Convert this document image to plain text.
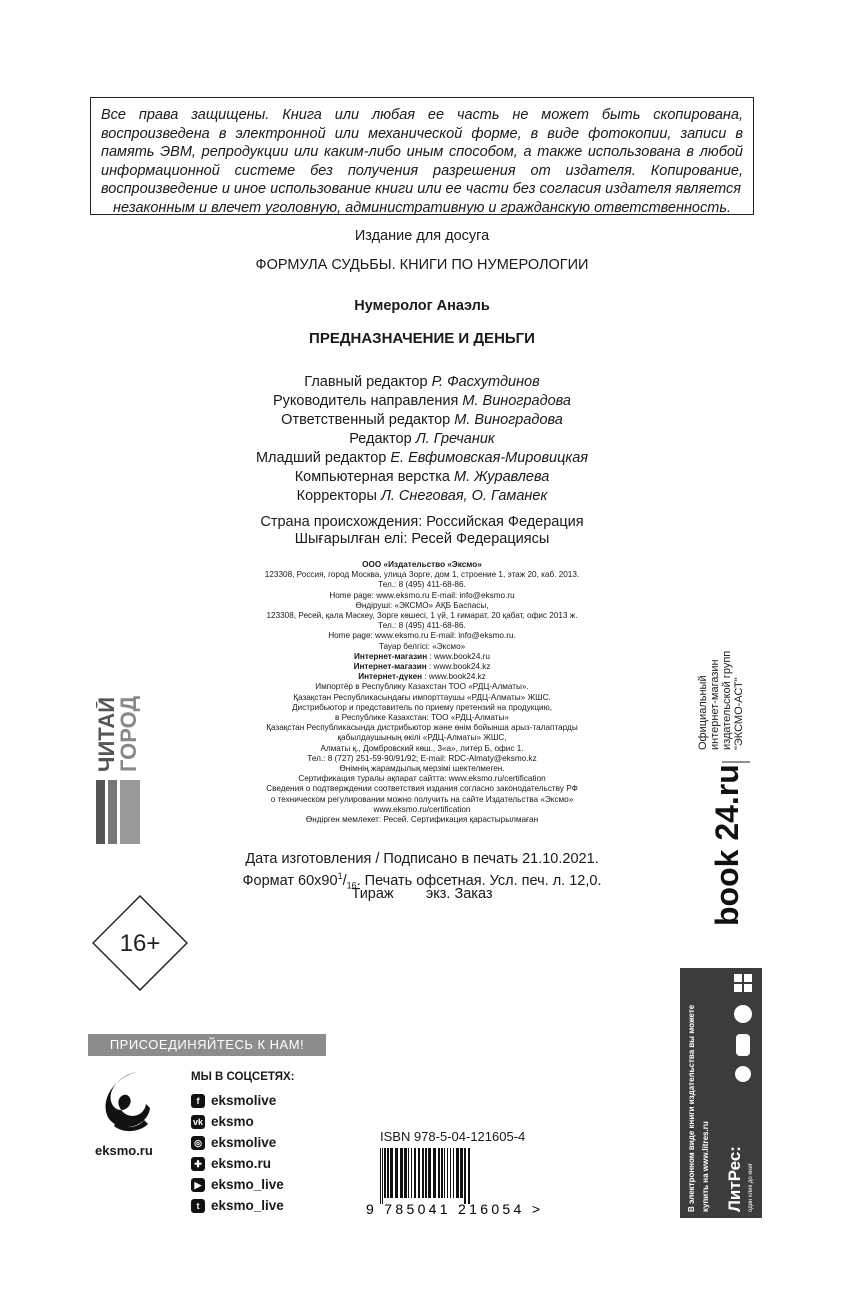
Все права защищены. Книга или любая ее часть не может быть скопирована, воспроизведена в электронной или механической форме, в виде фотокопии, записи в память ЭВМ, репродукции или каким-либо иным способом, а также использована в любой информационной системе без получения разрешения от издателя. Копирование, воспроизведение и иное использование книги или ее части без согласия издателя является
незаконным и влечет уголовную, административную и гражданскую ответственность.
Издание для досуга
ФОРМУЛА СУДЬБЫ. КНИГИ ПО НУМЕРОЛОГИИ
Нумеролог Анаэль
ПРЕДНАЗНАЧЕНИЕ И ДЕНЬГИ
Главный редактор Р. Фасхутдинов
Руководитель направления М. Виноградова
Ответственный редактор М. Виноградова
Редактор Л. Гречаник
Младший редактор Е. Евфимовская-Мировицкая
Компьютерная верстка М. Журавлева
Корректоры Л. Снеговая, О. Гаманек
Страна происхождения: Российская Федерация
Шығарылған елі: Ресей Федерациясы
ООО «Издательство «Эксмо»
123308, Россия, город Москва, улица Зорге, дом 1, строение 1, этаж 20, каб. 2013.
Тел.: 8 (495) 411-68-86.
Home page: www.eksmo.ru E-mail: info@eksmo.ru
Өндіруші: «ЭКСМО» АҚБ Баспасы,
123308, Ресей, қала Мәскеу, Зорге көшесі, 1 үй, 1 ғимарат, 20 қабат, офис 2013 ж.
Тел.: 8 (495) 411-68-86.
Home page: www.eksmo.ru E-mail: info@eksmo.ru.
Тауар белгісі: «Эксмо»
Интернет-магазин : www.book24.ru
Интернет-магазин : www.book24.kz
Интернет-дүкен : www.book24.kz
Импортёр в Республику Казахстан ТОО «РДЦ-Алматы».
Қазақстан Республикасындағы импорттаушы «РДЦ-Алматы» ЖШС.
Дистрибьютор и представитель по приему претензий на продукцию,
в Республике Казахстан: ТОО «РДЦ-Алматы»
Қазақстан Республикасында дистрибьютор және өнім бойынша арыз-талаптарды
қабылдаушының өкілі «РДЦ-Алматы» ЖШС,
Алматы қ., Домбровский көш., 3«а», литер Б, офис 1.
Тел.: 8 (727) 251-59-90/91/92; E-mail: RDC-Almaty@eksmo.kz
Өнімнің жарамдылық мерзімі шектелмеген.
Сертификация туралы ақпарат сайтта: www.eksmo.ru/certification
Сведения о подтверждении соответствия издания согласно законодательству РФ
о техническом регулировании можно получить на сайте Издательства «Эксмо»
www.eksmo.ru/certification
Өндірген мемлекет: Ресей. Сертификация қарастырылмаған
Дата изготовления / Подписано в печать 21.10.2021.
Формат $60х90^1/_{16}$. Печать офсетная. Усл. печ. л. 12,0.
Тираж        экз. Заказ
ЧИТАЙ
ГОРОД
16+
Официальный интернет-магазин издательской группы "ЭКСМО-АСТ"
book 24.ru
В электронном виде книги издательства вы можете купить на www.litres.ru ЛитРес: один клик до книг
ПРИСОЕДИНЯЙТЕСЬ К НАМ!
eksmo.ru
МЫ В СОЦСЕТЯХ:
f eksmolive
vk eksmo
◎ eksmolive
✚ eksmo.ru
▶ eksmo_live
t eksmo_live
ISBN 978-5-04-121605-4
9 785041 216054 >
